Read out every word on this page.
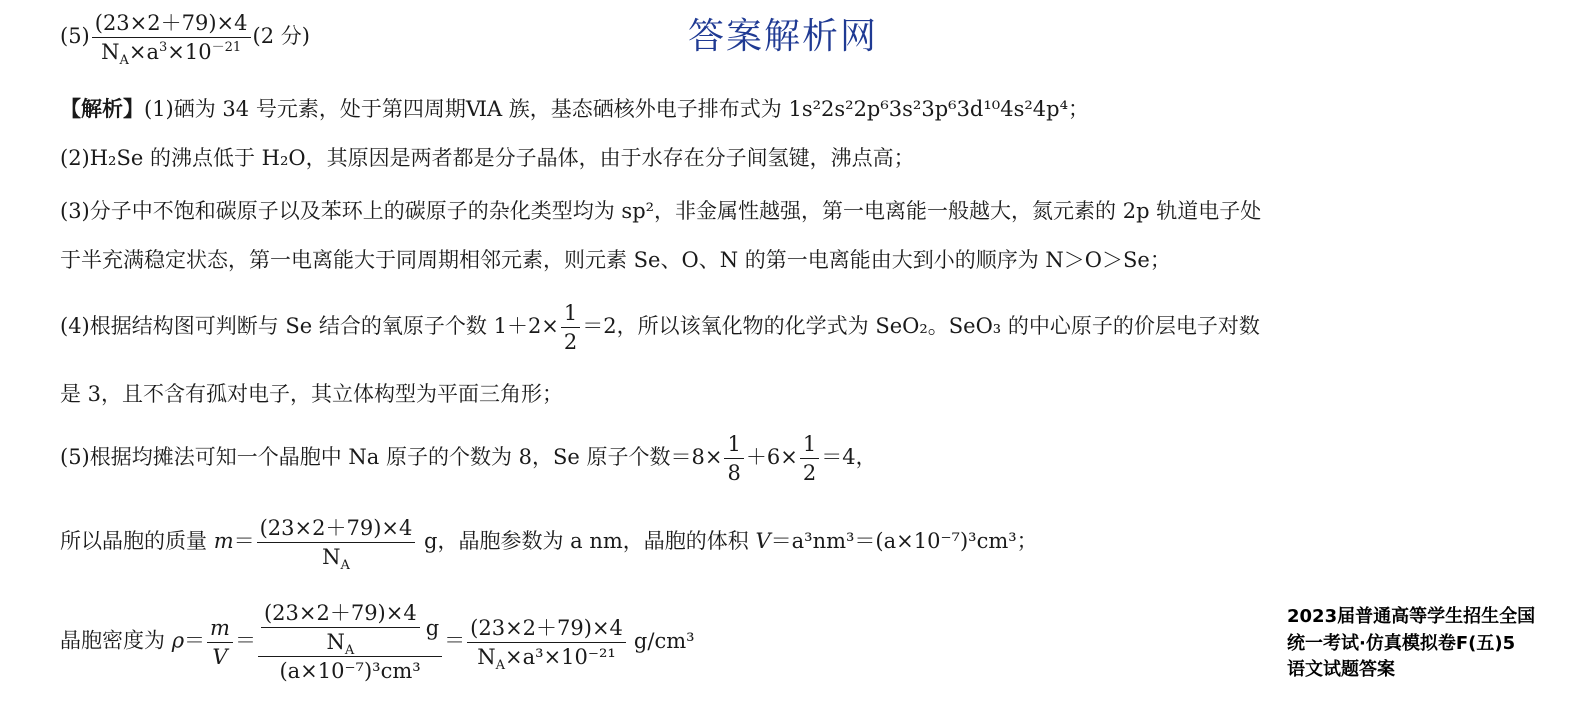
答案解析网
$(5) \frac{(23\times 2+79)\times 4}{N_A\times a^3\times 10^{-21}} (2$ 分)
【解析】(1)硒为 34 号元素，处于第四周期ⅥA 族，基态硒核外电子排布式为 1s²2s²2p⁶3s²3p⁶3d¹⁰4s²4p⁴；
(2)H₂Se 的沸点低于 H₂O，其原因是两者都是分子晶体，由于水存在分子间氢键，沸点高；
(3)分子中不饱和碳原子以及苯环上的碳原子的杂化类型均为 sp²，非金属性越强，第一电离能一般越大，氮元素的 2p 轨道电子处
于半充满稳定状态，第一电离能大于同周期相邻元素，则元素 Se、O、N 的第一电离能由大到小的顺序为 N＞O＞Se；
(4)根据结构图可判断与 Se 结合的氧原子个数 $1+2\times \frac{1}{2} =2$，所以该氧化物的化学式为 SeO₂。SeO₃ 的中心原子的价层电子对数
是 3，且不含有孤对电子，其立体构型为平面三角形；
(5)根据均摊法可知一个晶胞中 Na 原子的个数为 8，Se 原子个数$=8\times \frac{1}{8} +6\times \frac{1}{2} =4$，
所以晶胞的质量 $m= \frac{(23\times 2+79)\times 4}{N_A}$ g，晶胞参数为 a nm，晶胞的体积 V＝a³nm³＝(a×10⁻⁷)³cm³；
晶胞密度为 $\rho= \frac{m}{V} = \frac{\frac{(23\times 2+79)\times 4}{N_A} g}{\text{(a×10⁻⁷)³cm³}} = \frac{(23\times 2+79)\times 4}{N_A\times a^3\times 10^{-21}} g/cm^3$
2023届普通高等学生招生全国
统一考试·仿真模拟卷F(五)5
语文试题答案
